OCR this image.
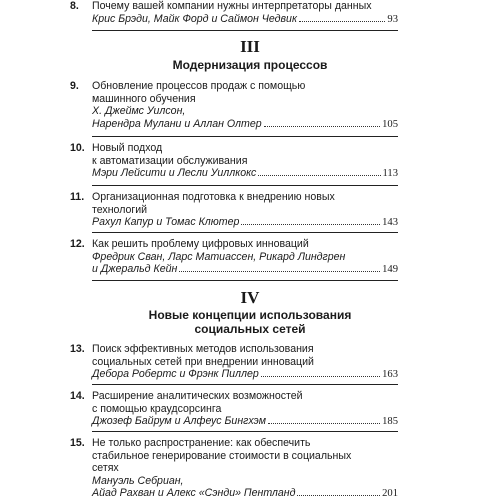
8. Почему вашей компании нужны интерпретаторы данных
Крис Брэди, Майк Форд и Саймон Чедвик	93
III
Модернизация процессов
9. Обновление процессов продаж с помощью машинного обучения
Х. Джеймс Уилсон,
Нарендра Мулани и Аллан Олтер	105
10. Новый подход
к автоматизации обслуживания
Мэри Лейсити и Лесли Уиллкокс	113
11. Организационная подготовка к внедрению новых технологий
Рахул Капур и Томас Клютер	143
12. Как решить проблему цифровых инноваций
Фредрик Сван, Ларс Матиассен, Рикард Линдгрен
и Джеральд Кейн	149
IV
Новые концепции использования
социальных сетей
13. Поиск эффективных методов использования социальных сетей при внедрении инноваций
Дебора Робертс и Фрэнк Пиллер	163
14. Расширение аналитических возможностей
с помощью краудсорсинга
Джозеф Байрум и Алфеус Бингхэм	185
15. Не только распространение: как обеспечить стабильное генерирование стоимости в социальных сетях
Мануэль Себриан,
Айад Рахван и Алекс «Сэнди» Пентланд	201
